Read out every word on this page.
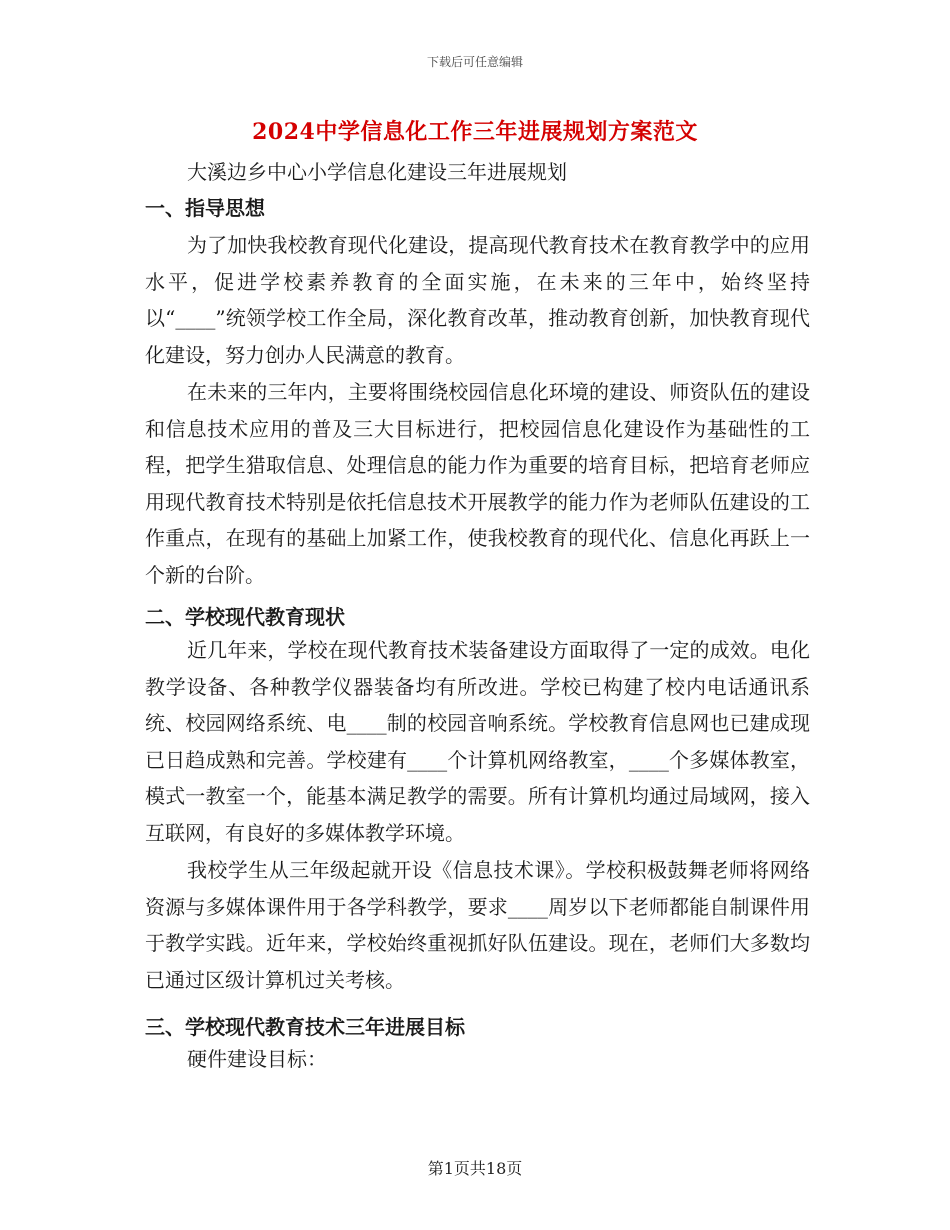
下载后可任意编辑
2024中学信息化工作三年进展规划方案范文
大溪边乡中心小学信息化建设三年进展规划
一、指导思想

为了加快我校教育现代化建设，提高现代教育技术在教育教学中的应用水平，促进学校素养教育的全面实施，在未来的三年中，始终坚持以“____”统领学校工作全局，深化教育改革，推动教育创新，加快教育现代化建设，努力创办人民满意的教育。

在未来的三年内，主要将围绕校园信息化环境的建设、师资队伍的建设和信息技术应用的普及三大目标进行，把校园信息化建设作为基础性的工程，把学生猎取信息、处理信息的能力作为重要的培育目标，把培育老师应用现代教育技术特别是依托信息技术开展教学的能力作为老师队伍建设的工作重点，在现有的基础上加紧工作，使我校教育的现代化、信息化再跃上一个新的台阶。

二、学校现代教育现状

近几年来，学校在现代教育技术装备建设方面取得了一定的成效。电化教学设备、各种教学仪器装备均有所改进。学校已构建了校内电话通讯系统、校园网络系统、电____制的校园音响系统。学校教育信息网也已建成现已日趋成熟和完善。学校建有____个计算机网络教室，____个多媒体教室，模式一教室一个，能基本满足教学的需要。所有计算机均通过局域网，接入互联网，有良好的多媒体教学环境。

我校学生从三年级起就开设《信息技术课》。学校积极鼓舞老师将网络资源与多媒体课件用于各学科教学，要求____周岁以下老师都能自制课件用于教学实践。近年来，学校始终重视抓好队伍建设。现在，老师们大多数均已通过区级计算机过关考核。

三、学校现代教育技术三年进展目标

硬件建设目标：

第1页共18页
